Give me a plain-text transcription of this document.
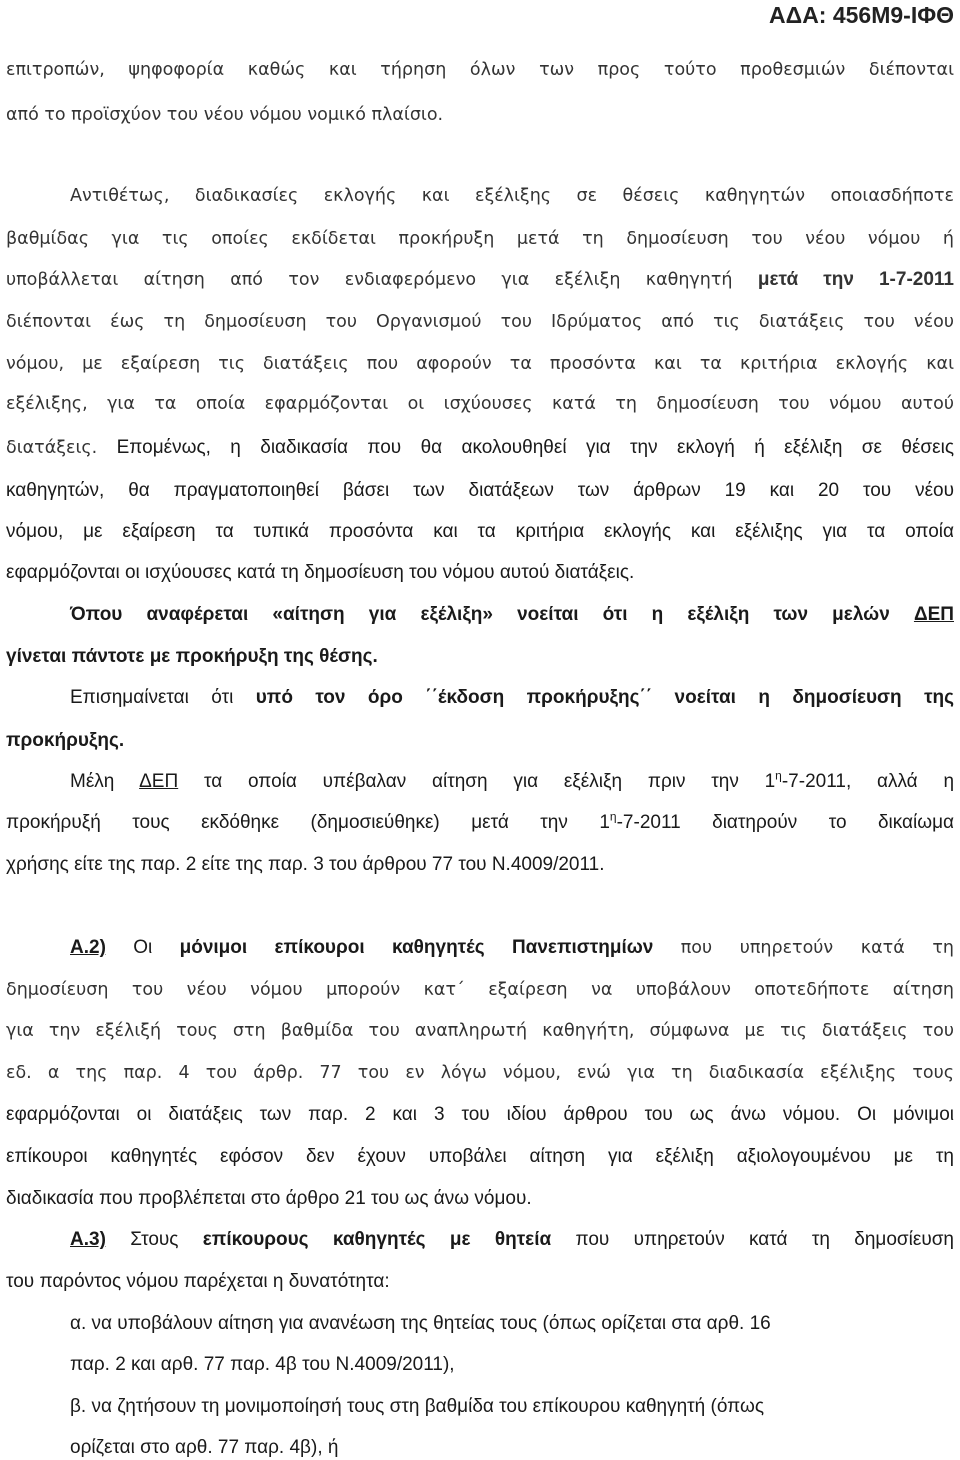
ΑΔΑ: 456Μ9-ΙΦΘ
επιτροπών, ψηφοφορία καθώς και τήρηση όλων των προς τούτο προθεσμιών διέπονται
από το προϊσχύον του νέου νόμου νομικό πλαίσιο.
Αντιθέτως, διαδικασίες εκλογής και εξέλιξης σε θέσεις καθηγητών οποιασδήποτε
βαθμίδας για τις οποίες εκδίδεται προκήρυξη μετά τη δημοσίευση του νέου νόμου ή
υποβάλλεται αίτηση από τον ενδιαφερόμενο για εξέλιξη καθηγητή μετά την 1-7-2011
διέπονται έως τη δημοσίευση του Οργανισμού του Ιδρύματος από τις διατάξεις του νέου
νόμου, με εξαίρεση τις διατάξεις που αφορούν τα προσόντα και τα κριτήρια εκλογής και
εξέλιξης, για τα οποία εφαρμόζονται οι ισχύουσες κατά τη δημοσίευση του νόμου αυτού
διατάξεις. Επομένως, η διαδικασία που θα ακολουθηθεί για την εκλογή ή εξέλιξη σε θέσεις
καθηγητών, θα πραγματοποιηθεί βάσει των διατάξεων των άρθρων 19 και 20 του νέου
νόμου, με εξαίρεση τα τυπικά προσόντα και τα κριτήρια εκλογής και εξέλιξης για τα οποία
εφαρμόζονται οι ισχύουσες κατά τη δημοσίευση του νόμου αυτού διατάξεις.
Όπου αναφέρεται «αίτηση για εξέλιξη» νοείται ότι η εξέλιξη των μελών ΔΕΠ
γίνεται πάντοτε με προκήρυξη της θέσης.
Επισημαίνεται ότι υπό τον όρο ΄΄έκδοση προκήρυξης΄΄ νοείται η δημοσίευση της
προκήρυξης.
Μέλη ΔΕΠ τα οποία υπέβαλαν αίτηση για εξέλιξη πριν την $1^\eta-7-2011$, αλλά η
προκήρυξή τους εκδόθηκε (δημοσιεύθηκε) μετά την $1^\eta-7-2011$ διατηρούν το δικαίωμα
χρήσης είτε της παρ. 2 είτε της παρ. 3 του άρθρου 77 του Ν.4009/2011.
Α.2) Οι μόνιμοι επίκουροι καθηγητές Πανεπιστημίων που υπηρετούν κατά τη
δημοσίευση του νέου νόμου μπορούν κατ΄ εξαίρεση να υποβάλουν οποτεδήποτε αίτηση
για την εξέλιξή τους στη βαθμίδα του αναπληρωτή καθηγήτη, σύμφωνα με τις διατάξεις του
εδ. α της παρ. 4 του άρθρ. 77 του εν λόγω νόμου, ενώ για τη διαδικασία εξέλιξης τους
εφαρμόζονται οι διατάξεις των παρ. 2 και 3 του ιδίου άρθρου του ως άνω νόμου. Οι μόνιμοι
επίκουροι καθηγητές εφόσον δεν έχουν υποβάλει αίτηση για εξέλιξη αξιολογουμένου με τη
διαδικασία που προβλέπεται στο άρθρο 21 του ως άνω νόμου.
Α.3) Στους επίκουρους καθηγητές με θητεία που υπηρετούν κατά τη δημοσίευση
του παρόντος νόμου παρέχεται η δυνατότητα:
α. να υποβάλουν αίτηση για ανανέωση της θητείας τους (όπως ορίζεται στα αρθ. 16
παρ. 2 και αρθ. 77 παρ. 4β του Ν.4009/2011),
β. να ζητήσουν τη μονιμοποίησή τους στη βαθμίδα του επίκουρου καθηγητή (όπως
ορίζεται στο αρθ. 77 παρ. 4β), ή
